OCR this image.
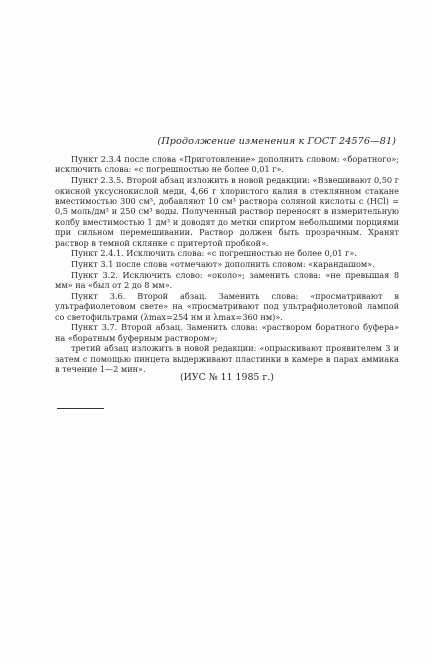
(Продолжение изменения к ГОСТ 24576—81)

Пункт 2.3.4 после слова «Приготовление» дополнить словом: «боратного»; исключить слова: «с погрешностью не более 0,01 г».

Пункт 2.3.5. Второй абзац изложить в новой редакции: «Взвешивают 0,50 г окисной уксуснокислой меди, 4,66 г хлористого калия в стеклянном стакане вместимостью 300 см³, добавляют 10 см³ раствора соляной кислоты с (HCl) = 0,5 моль/дм³ и 250 см³ воды. Полученный раствор переносят в измерительную колбу вместимостью 1 дм³ и доводят до метки спиртом небольшими порциями при сильном перемешивании. Раствор должен быть прозрачным. Хранят раствор в темной склянке с притертой пробкой».

Пункт 2.4.1. Исключить слова: «с погрешностью не более 0,01 г».

Пункт 3.1 после слова «отмечают» дополнить словом: «карандашом».

Пункт 3.2. Исключить слово: «около»; заменить слова: «не превышая 8 мм» на «был от 2 до 8 мм».

Пункт 3.6. Второй абзац. Заменить слова: «просматривают в ультрафиолетовом свете» на «просматривают под ультрафиолетовой лампой со светофильтрами (λmax=254 нм и λmax=360 нм)».

Пункт 3.7. Второй абзац. Заменить слова: «раствором боратного буфера» на «боратным буферным раствором»;

третий абзац изложить в новой редакции: «опрыскивают проявителем 3 и затем с помощью пинцета выдерживают пластинки в камере в парах аммиака в течение 1—2 мин».

(ИУС № 11 1985 г.)
